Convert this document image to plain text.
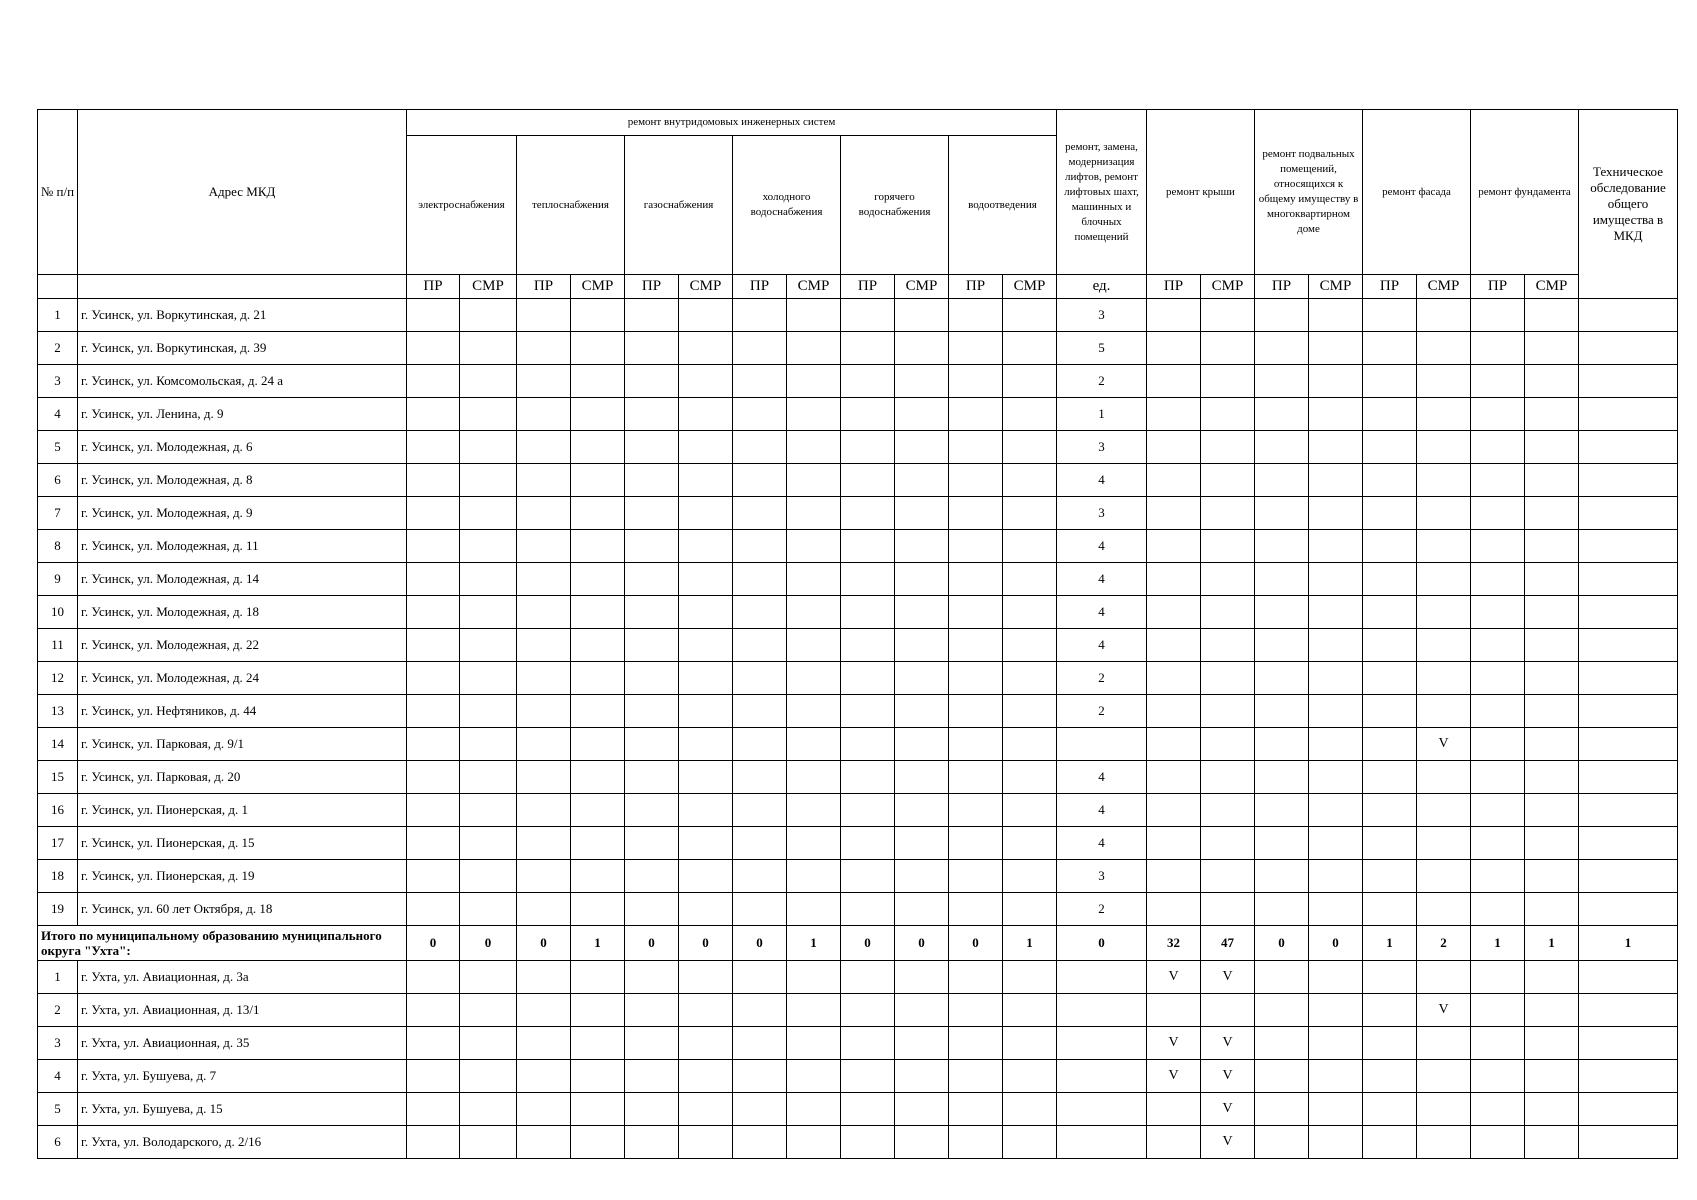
№ п/п	Адрес МКД	ремонт внутридомовых инженерных систем												ремонт, замена, модернизация лифтов, ремонт лифтовых шахт, машинных и блочных помещений	ремонт крыши		ремонт подвальных помещений, относящихся к общему имуществу в многоквартирном доме		ремонт фасада		ремонт фундамента		Техническое обследование общего имущества в МКД
		электроснабжения		теплоснабжения		газоснабжения		холодного водоснабжения		горячего водоснабжения		водоотведения											
		ПР	СМР	ПР	СМР	ПР	СМР	ПР	СМР	ПР	СМР	ПР	СМР	ед.	ПР	СМР	ПР	СМР	ПР	СМР	ПР	СМР	
1	г. Усинск, ул. Воркутинская, д. 21													3									
2	г. Усинск, ул. Воркутинская, д. 39													5									
3	г. Усинск, ул. Комсомольская, д. 24 а													2									
4	г. Усинск, ул. Ленина, д. 9													1									
5	г. Усинск, ул. Молодежная, д. 6													3									
6	г. Усинск, ул. Молодежная, д. 8													4									
7	г. Усинск, ул. Молодежная, д. 9													3									
8	г. Усинск, ул. Молодежная, д. 11													4									
9	г. Усинск, ул. Молодежная, д. 14													4									
10	г. Усинск, ул. Молодежная, д. 18													4									
11	г. Усинск, ул. Молодежная, д. 22													4									
12	г. Усинск, ул. Молодежная, д. 24													2									
13	г. Усинск, ул. Нефтяников, д. 44													2									
14	г. Усинск, ул. Парковая, д. 9/1																			V			
15	г. Усинск, ул. Парковая, д. 20													4									
16	г. Усинск, ул. Пионерская, д. 1													4									
17	г. Усинск, ул. Пионерская, д. 15													4									
18	г. Усинск, ул. Пионерская, д. 19													3									
19	г. Усинск, ул. 60 лет Октября, д. 18													2									
Итого по муниципальному образованию муниципального округа "Ухта":		0	0	0	1	0	0	0	1	0	0	0	1	0	32	47	0	0	1	2	1	1	1
1	г. Ухта, ул. Авиационная, д. 3а														V	V							
2	г. Ухта, ул. Авиационная, д. 13/1																			V			
3	г. Ухта, ул. Авиационная, д. 35														V	V							
4	г. Ухта, ул. Бушуева, д. 7														V	V							
5	г. Ухта, ул. Бушуева, д. 15															V							
6	г. Ухта, ул. Володарского, д. 2/16															V							
